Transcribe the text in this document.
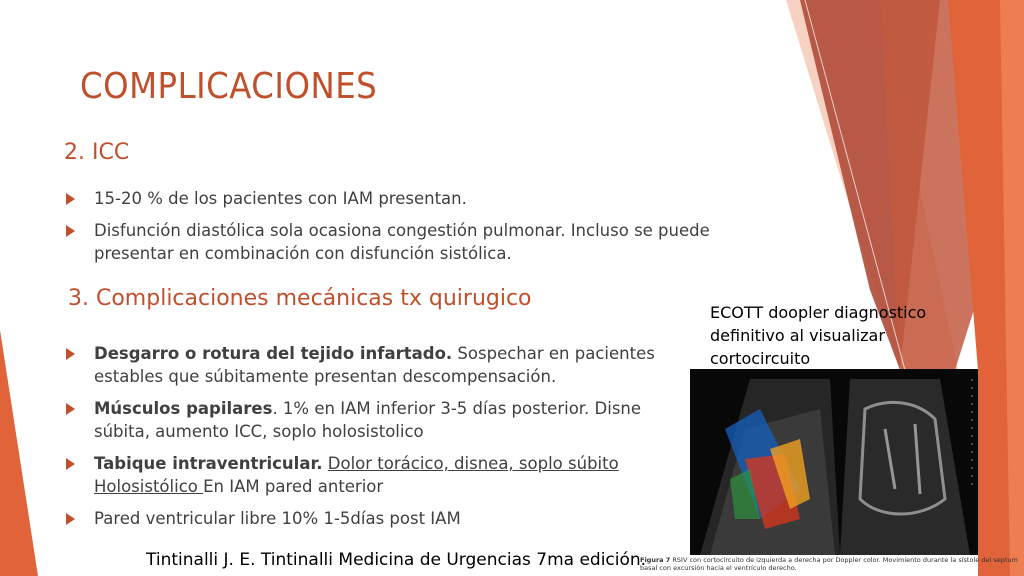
COMPLICACIONES
2. ICC
15-20 % de los pacientes con IAM presentan.
Disfunción diastólica sola ocasiona congestión pulmonar. Incluso se puede presentar en combinación con disfunción sistólica.
3. Complicaciones mecánicas tx quirugico
Desgarro o rotura del tejido infartado. Sospechar en pacientes estables que súbitamente presentan descompensación.
Músculos papilares. 1% en IAM inferior 3-5 días posterior. Disne súbita, aumento ICC, soplo holosistolico
Tabique intraventricular. Dolor torácico, disnea, soplo súbito Holosistólico En IAM pared anterior
Pared ventricular libre 10% 1-5días post IAM
ECOTT doopler diagnostico definitivo al visualizar cortocircuito
Tintinalli J. E. Tintinalli Medicina de Urgencias 7ma edición.
Figura 7 RSIV con cortocircuito de izquierda a derecha por Doppler color. Movimiento durante la sístole del septum basal con excursión hacia el ventrículo derecho.
